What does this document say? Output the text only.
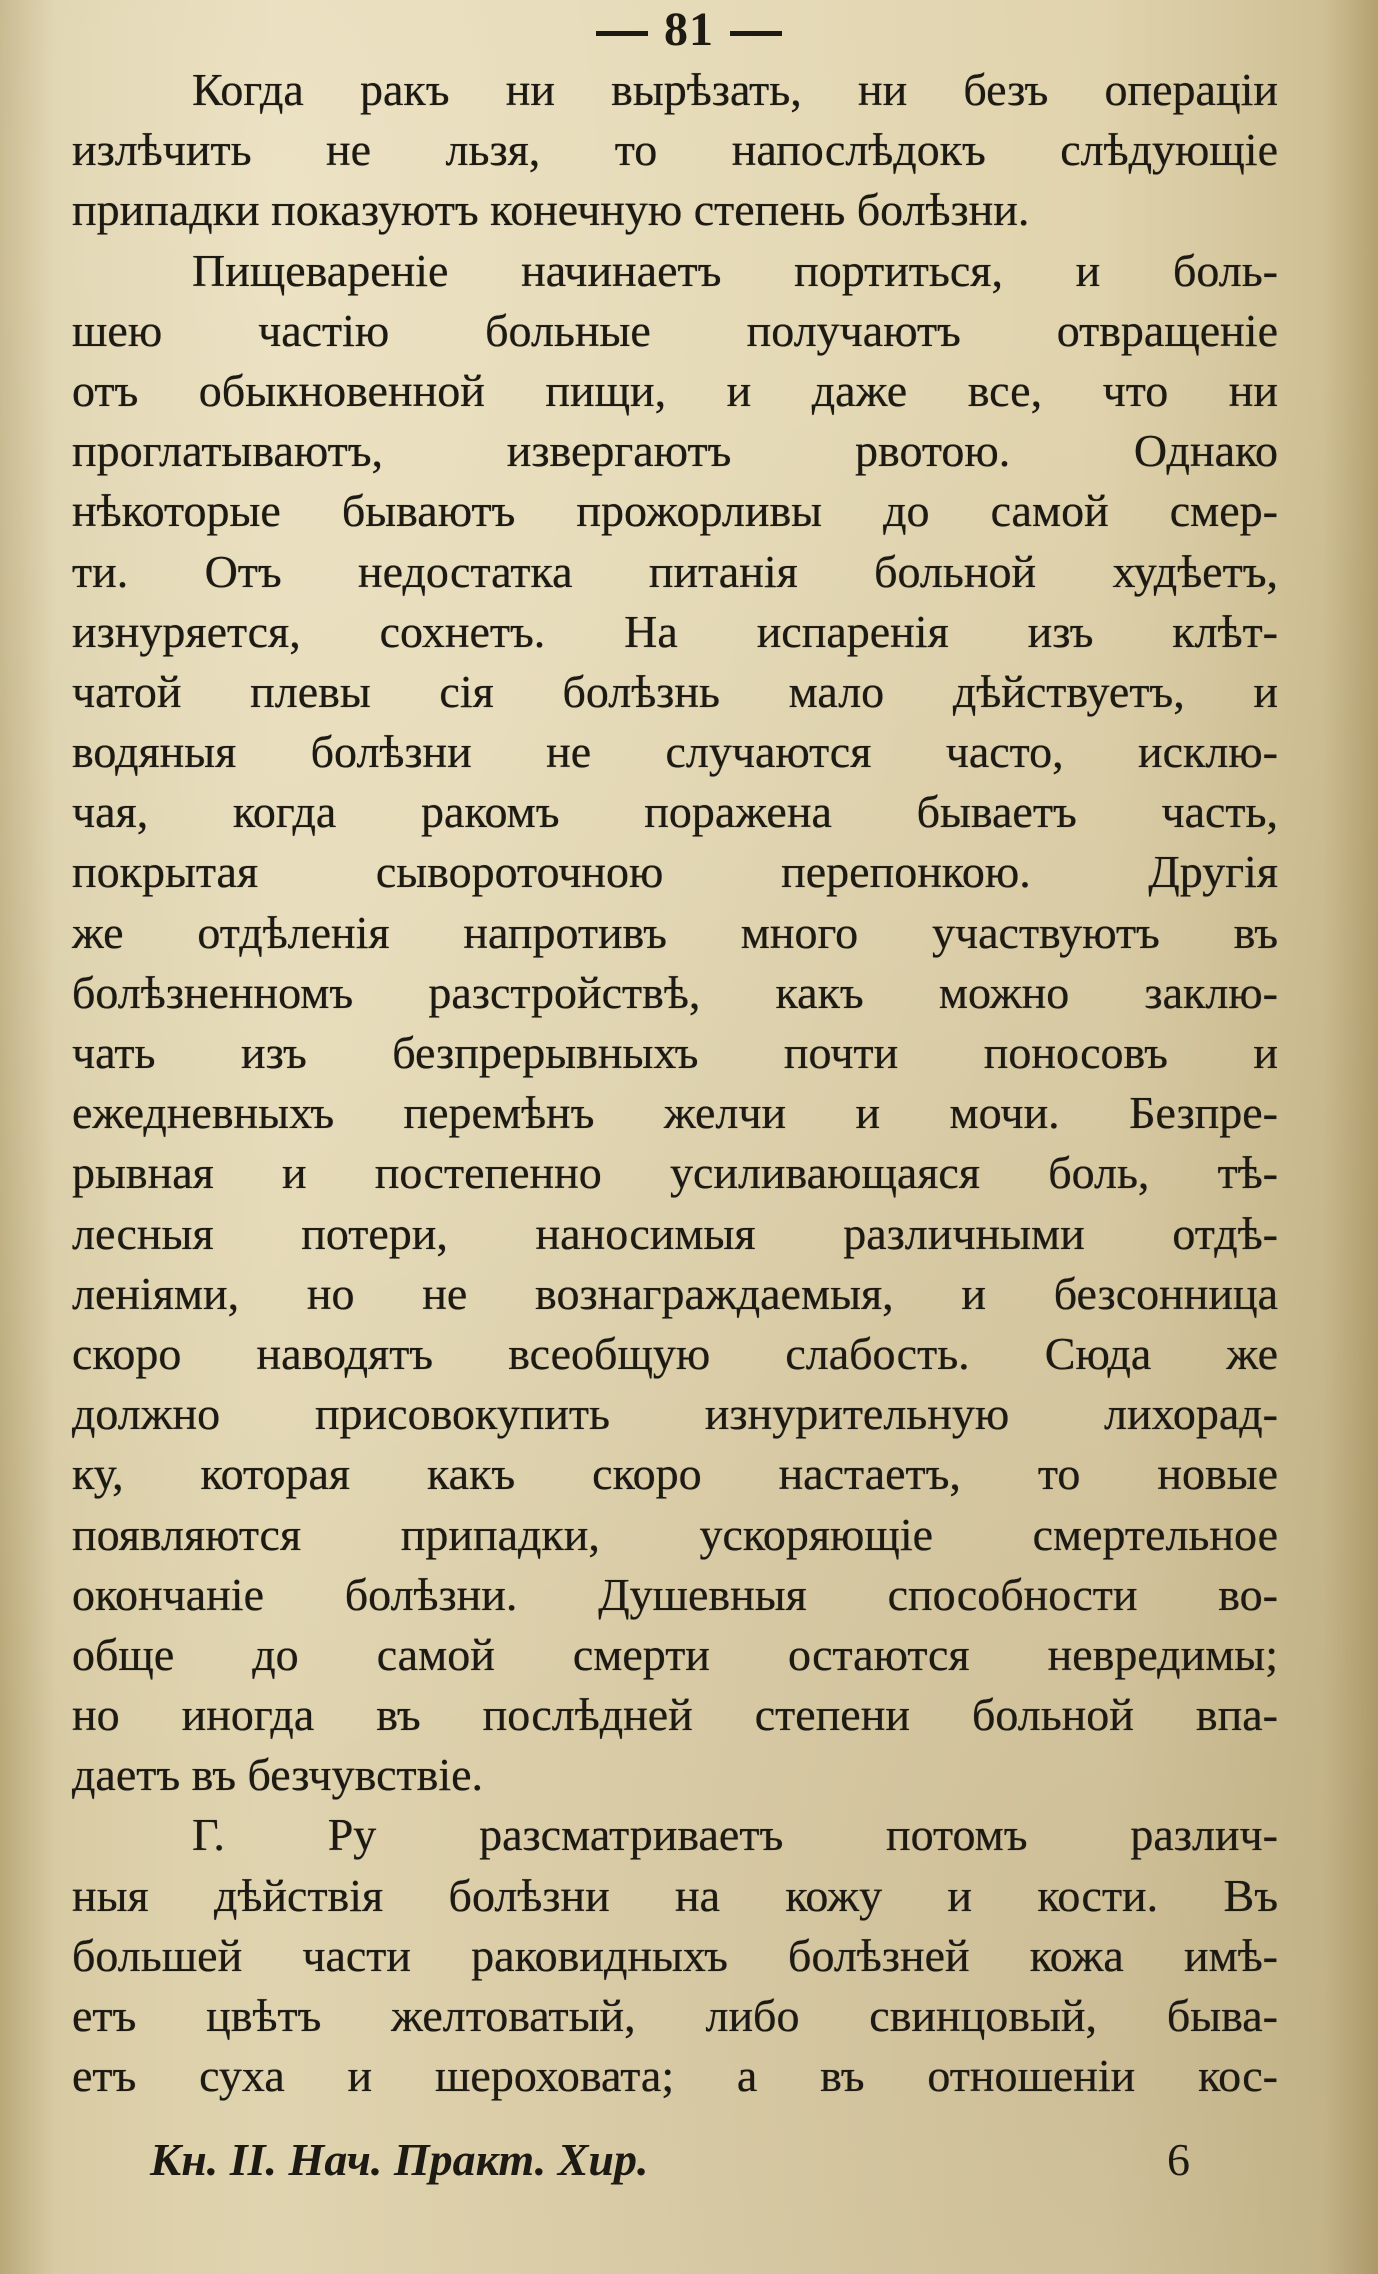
81
Когда ракъ ни вырѣзать, ни безъ операціи
излѣчить не льзя, то напослѣдокъ слѣдующіе
припадки показуютъ конечную степень болѣзни.
Пищевареніе начинаетъ портиться, и боль-
шею частію больные получаютъ отвращеніе
отъ обыкновенной пищи, и даже все, что ни
проглатываютъ, извергаютъ рвотою. Однако
нѣкоторые бываютъ прожорливы до самой смер-
ти. Отъ недостатка питанія больной худѣетъ,
изнуряется, сохнетъ. На испаренія изъ клѣт-
чатой плевы сія болѣзнь мало дѣйствуетъ, и
водяныя болѣзни не случаются часто, исклю-
чая, когда ракомъ поражена бываетъ часть,
покрытая сывороточною перепонкою. Другія
же отдѣленія напротивъ много участвуютъ въ
болѣзненномъ разстройствѣ, какъ можно заклю-
чать изъ безпрерывныхъ почти поносовъ и
ежедневныхъ перемѣнъ желчи и мочи. Безпре-
рывная и постепенно усиливающаяся боль, тѣ-
лесныя потери, наносимыя различными отдѣ-
леніями, но не вознаграждаемыя, и безсонница
скоро наводятъ всеобщую слабость. Сюда же
должно присовокупить изнурительную лихорад-
ку, которая какъ скоро настаетъ, то новые
появляются припадки, ускоряющіе смертельное
окончаніе болѣзни. Душевныя способности во-
обще до самой смерти остаются невредимы;
но иногда въ послѣдней степени больной впа-
даетъ въ безчувствіе.
Г. Ру разсматриваетъ потомъ различ-
ныя дѣйствія болѣзни на кожу и кости. Въ
большей части раковидныхъ болѣзней кожа имѣ-
етъ цвѣтъ желтоватый, либо свинцовый, быва-
етъ суха и шероховата; а въ отношеніи кос-
Кн. II. Нач. Практ. Хир.	6
